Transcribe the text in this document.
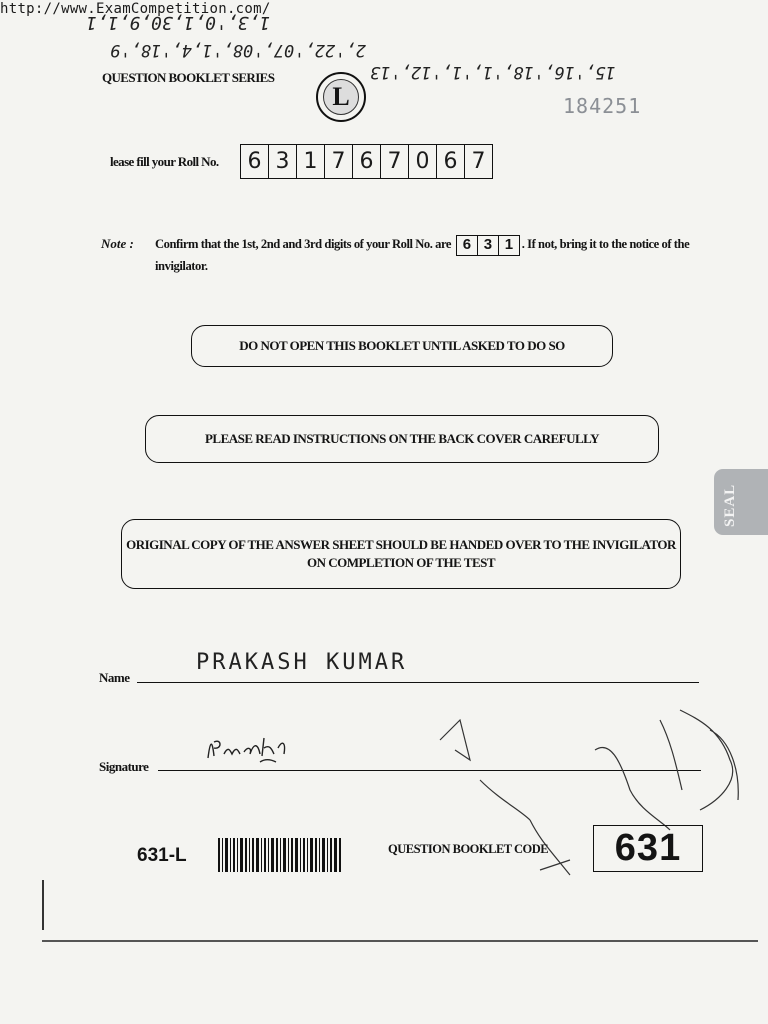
http://www.ExamCompetition.com/
1,3,'0,1,30,9,1,1
2,'22,'07,'08,'1,4,'18,'9
15,'16,'18,'1,'1,'12,'13
184251
QUESTION BOOKLET SERIES
L
lease fill your Roll No. 6 3 1 7 6 7 0 6 7
Note : Confirm that the 1st, 2nd and 3rd digits of your Roll No. are 6 3 1 . If not, bring it to the notice of the invigilator.
DO NOT OPEN THIS BOOKLET UNTIL ASKED TO DO SO
PLEASE READ INSTRUCTIONS ON THE BACK COVER CAREFULLY
ORIGINAL COPY OF THE ANSWER SHEET SHOULD BE HANDED OVER TO THE INVIGILATOR ON COMPLETION OF THE TEST
SEAL
Name
PRAKASH KUMAR
Signature
631-L	QUESTION BOOKLET CODE	631
